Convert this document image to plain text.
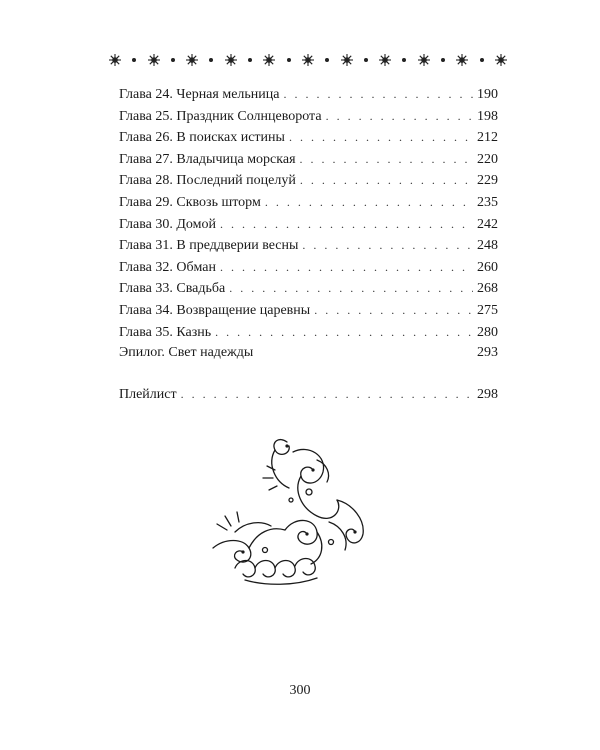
Глава 24. Черная мельница . . .	190
Глава 25. Праздник Солнцеворота . . .	198
Глава 26. В поисках истины . . .	212
Глава 27. Владычица морская . . .	220
Глава 28. Последний поцелуй . . .	229
Глава 29. Сквозь шторм . . .	235
Глава 30. Домой . . .	242
Глава 31. В преддверии весны . . .	248
Глава 32. Обман . . .	260
Глава 33. Свадьба . . .	268
Глава 34. Возвращение царевны . . .	275
Глава 35. Казнь . . .	280
Эпилог. Свет надежды	293
Плейлист . . .	298
300
